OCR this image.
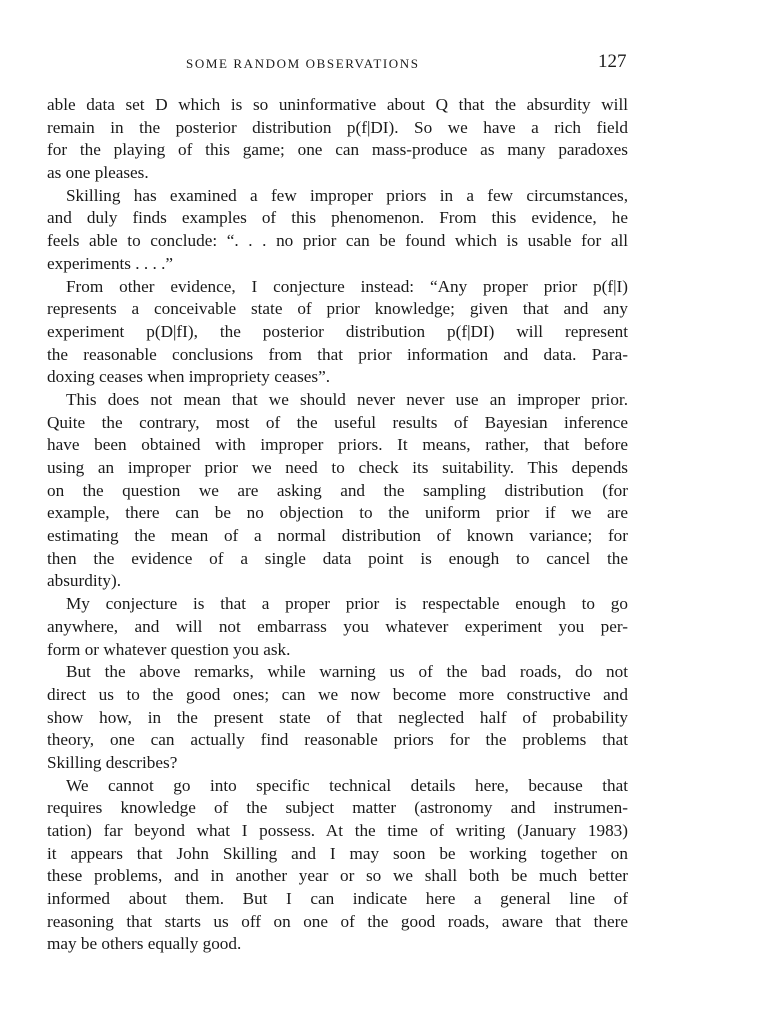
SOME RANDOM OBSERVATIONS	127
able data set D which is so uninformative about Q that the absurdity will
remain in the posterior distribution p(f|DI). So we have a rich field
for the playing of this game; one can mass-produce as many paradoxes
as one pleases.
Skilling has examined a few improper priors in a few circumstances,
and duly finds examples of this phenomenon. From this evidence, he
feels able to conclude: “. . . no prior can be found which is usable for all
experiments . . . .”
From other evidence, I conjecture instead: “Any proper prior p(f|I)
represents a conceivable state of prior knowledge; given that and any
experiment p(D|fI), the posterior distribution p(f|DI) will represent
the reasonable conclusions from that prior information and data. Para-
doxing ceases when impropriety ceases”.
This does not mean that we should never never use an improper prior.
Quite the contrary, most of the useful results of Bayesian inference
have been obtained with improper priors. It means, rather, that before
using an improper prior we need to check its suitability. This depends
on the question we are asking and the sampling distribution (for
example, there can be no objection to the uniform prior if we are
estimating the mean of a normal distribution of known variance; for
then the evidence of a single data point is enough to cancel the
absurdity).
My conjecture is that a proper prior is respectable enough to go
anywhere, and will not embarrass you whatever experiment you per-
form or whatever question you ask.
But the above remarks, while warning us of the bad roads, do not
direct us to the good ones; can we now become more constructive and
show how, in the present state of that neglected half of probability
theory, one can actually find reasonable priors for the problems that
Skilling describes?
We cannot go into specific technical details here, because that
requires knowledge of the subject matter (astronomy and instrumen-
tation) far beyond what I possess. At the time of writing (January 1983)
it appears that John Skilling and I may soon be working together on
these problems, and in another year or so we shall both be much better
informed about them. But I can indicate here a general line of
reasoning that starts us off on one of the good roads, aware that there
may be others equally good.
